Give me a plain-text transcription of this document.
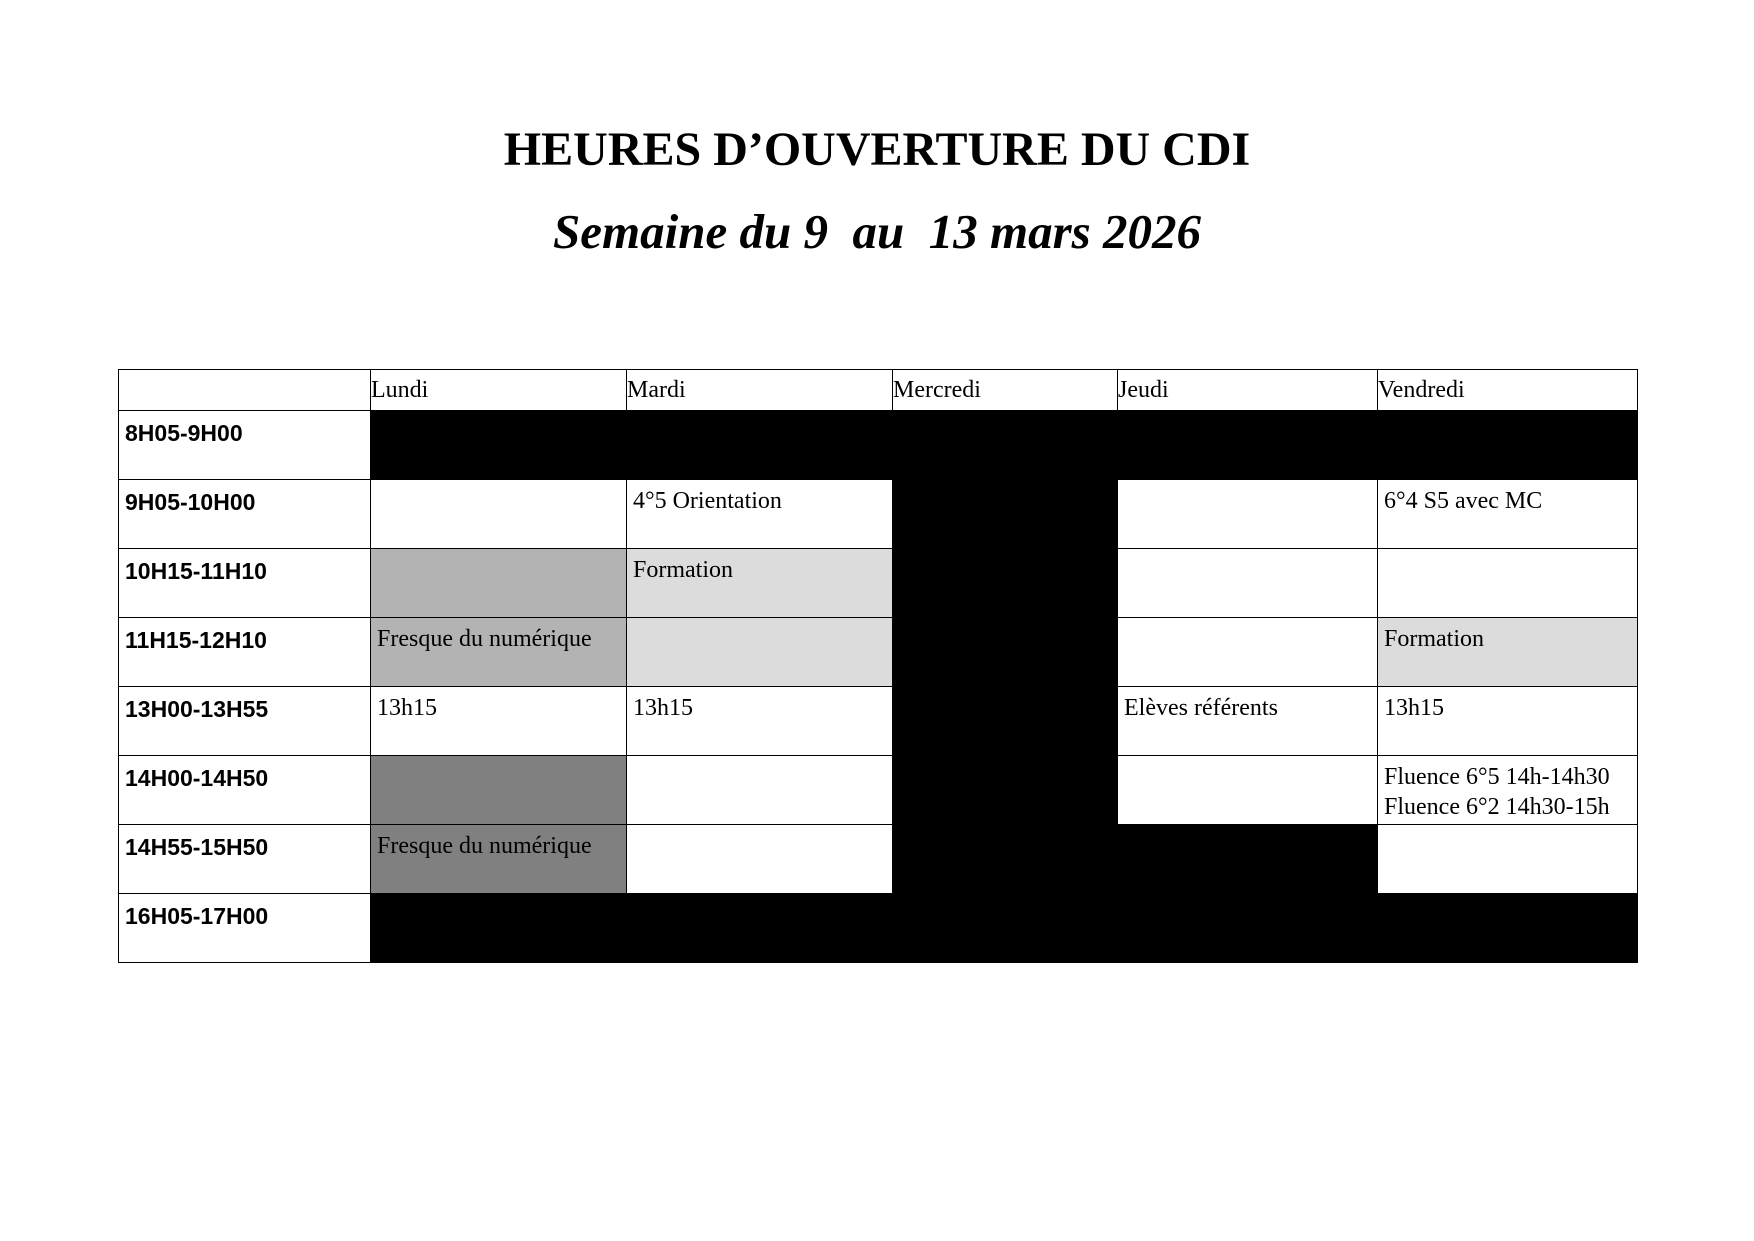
HEURES D’OUVERTURE DU CDI
Semaine du 9  au  13 mars 2026
	Lundi	Mardi	Mercredi	Jeudi	Vendredi
8H05-9H00					
9H05-10H00		4°5 Orientation			6°4 S5 avec MC

10H15-11H10		Formation			

11H15-12H10	Fresque du numérique				Formation

13H00-13H55	13h15	13h15		Elèves référents	13h15

14H00-14H50					Fluence 6°5 14h-14h30
Fluence 6°2 14h30-15h

14H55-15H50	Fresque du numérique				

16H05-17H00					
